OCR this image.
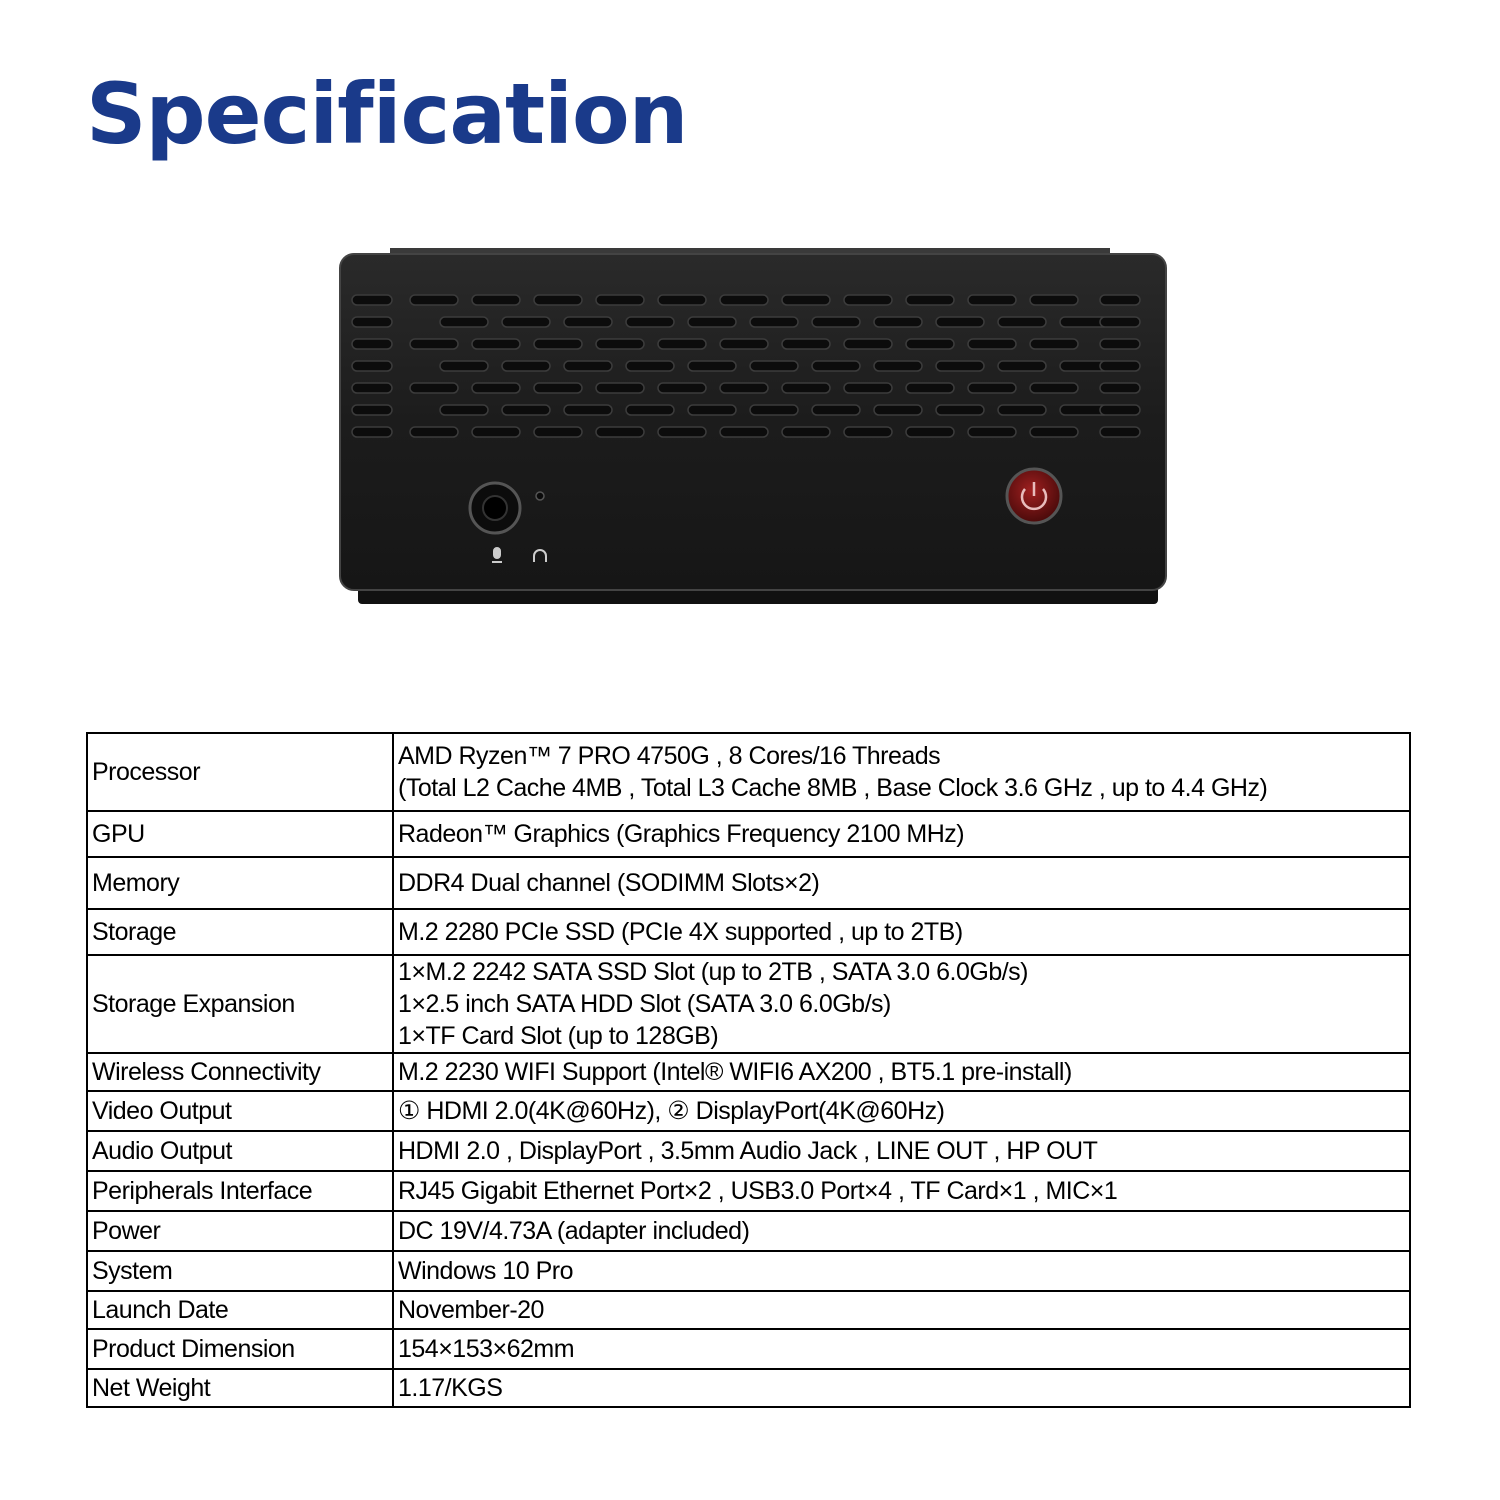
Specification
Processor	AMD Ryzen™ 7 PRO 4750G , 8 Cores/16 Threads
(Total L2 Cache 4MB , Total L3 Cache 8MB , Base Clock 3.6 GHz , up to 4.4 GHz)

GPU	Radeon™ Graphics (Graphics Frequency 2100 MHz)

Memory	DDR4 Dual channel (SODIMM Slots×2)

Storage	M.2 2280 PCIe SSD (PCIe 4X supported , up to 2TB)

Storage Expansion	1×M.2 2242 SATA SSD Slot (up to 2TB , SATA 3.0 6.0Gb/s)
1×2.5 inch SATA HDD Slot (SATA 3.0 6.0Gb/s)
1×TF Card Slot (up to 128GB)

Wireless Connectivity	M.2 2230 WIFI Support (Intel® WIFI6 AX200 , BT5.1 pre-install)

Video Output	① HDMI 2.0(4K@60Hz), ② DisplayPort(4K@60Hz)

Audio Output	HDMI 2.0 , DisplayPort , 3.5mm Audio Jack , LINE OUT , HP OUT

Peripherals Interface	RJ45 Gigabit Ethernet Port×2 , USB3.0 Port×4 , TF Card×1 , MIC×1

Power	DC 19V/4.73A (adapter included)

System	Windows 10 Pro

Launch Date	November-20

Product Dimension	154×153×62mm

Net Weight	1.17/KGS
